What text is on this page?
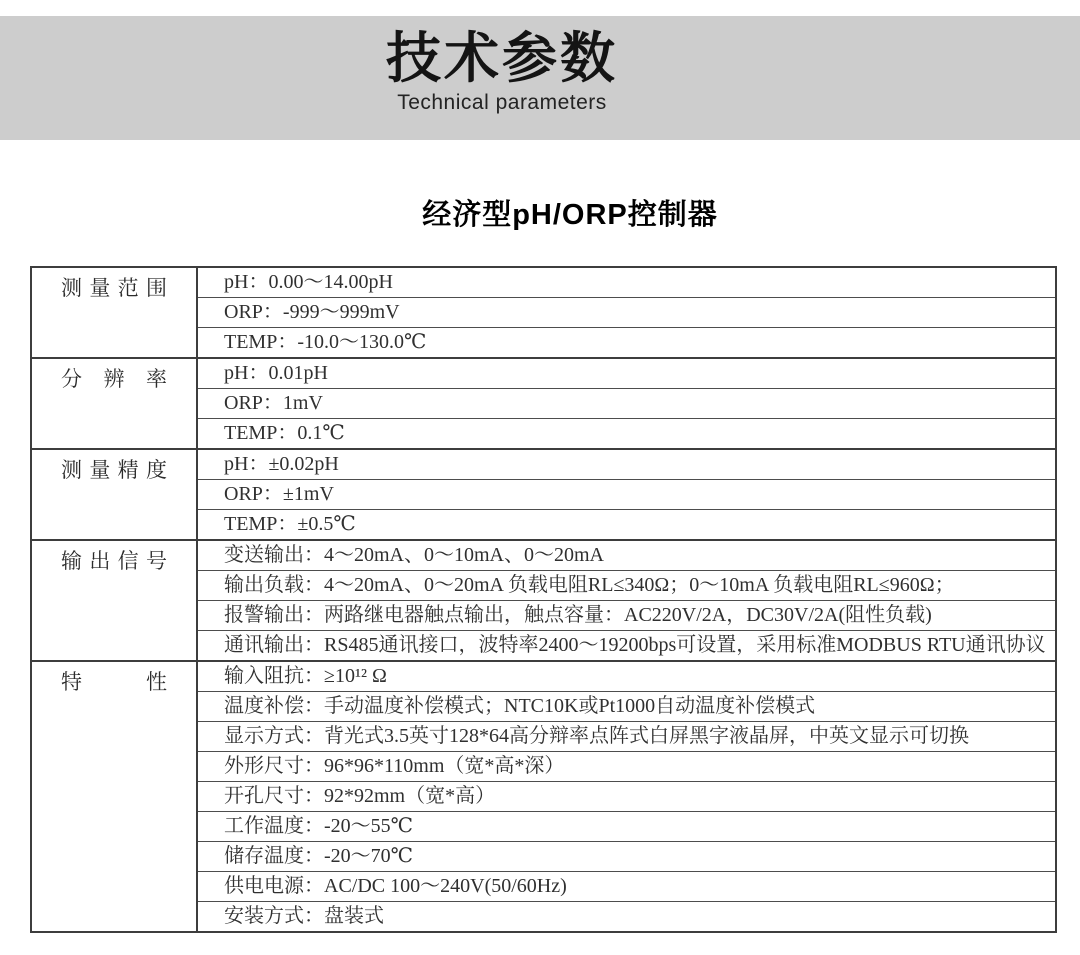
技术参数
Technical parameters
经济型pH/ORP控制器
测量范围	pH：0.00～14.00pH
	ORP：-999～999mV
	TEMP：-10.0～130.0℃
分辨率	pH：0.01pH
	ORP：1mV
	TEMP：0.1℃
测量精度	pH：±0.02pH
	ORP：±1mV
	TEMP：±0.5℃
输出信号	变送输出：4～20mA、0～10mA、0～20mA
	输出负载：4～20mA、0～20mA 负载电阻RL≤340Ω；0～10mA 负载电阻RL≤960Ω；
	报警输出：两路继电器触点输出，触点容量：AC220V/2A，DC30V/2A(阻性负载)
	通讯输出：RS485通讯接口，波特率2400～19200bps可设置，采用标准MODBUS RTU通讯协议
特性	输入阻抗：≥10¹² Ω
	温度补偿：手动温度补偿模式；NTC10K或Pt1000自动温度补偿模式
	显示方式：背光式3.5英寸128*64高分辩率点阵式白屏黑字液晶屏，中英文显示可切换
	外形尺寸：96*96*110mm（宽*高*深）
	开孔尺寸：92*92mm（宽*高）
	工作温度：-20～55℃
	储存温度：-20～70℃
	供电电源：AC/DC 100～240V(50/60Hz)
	安装方式：盘装式
